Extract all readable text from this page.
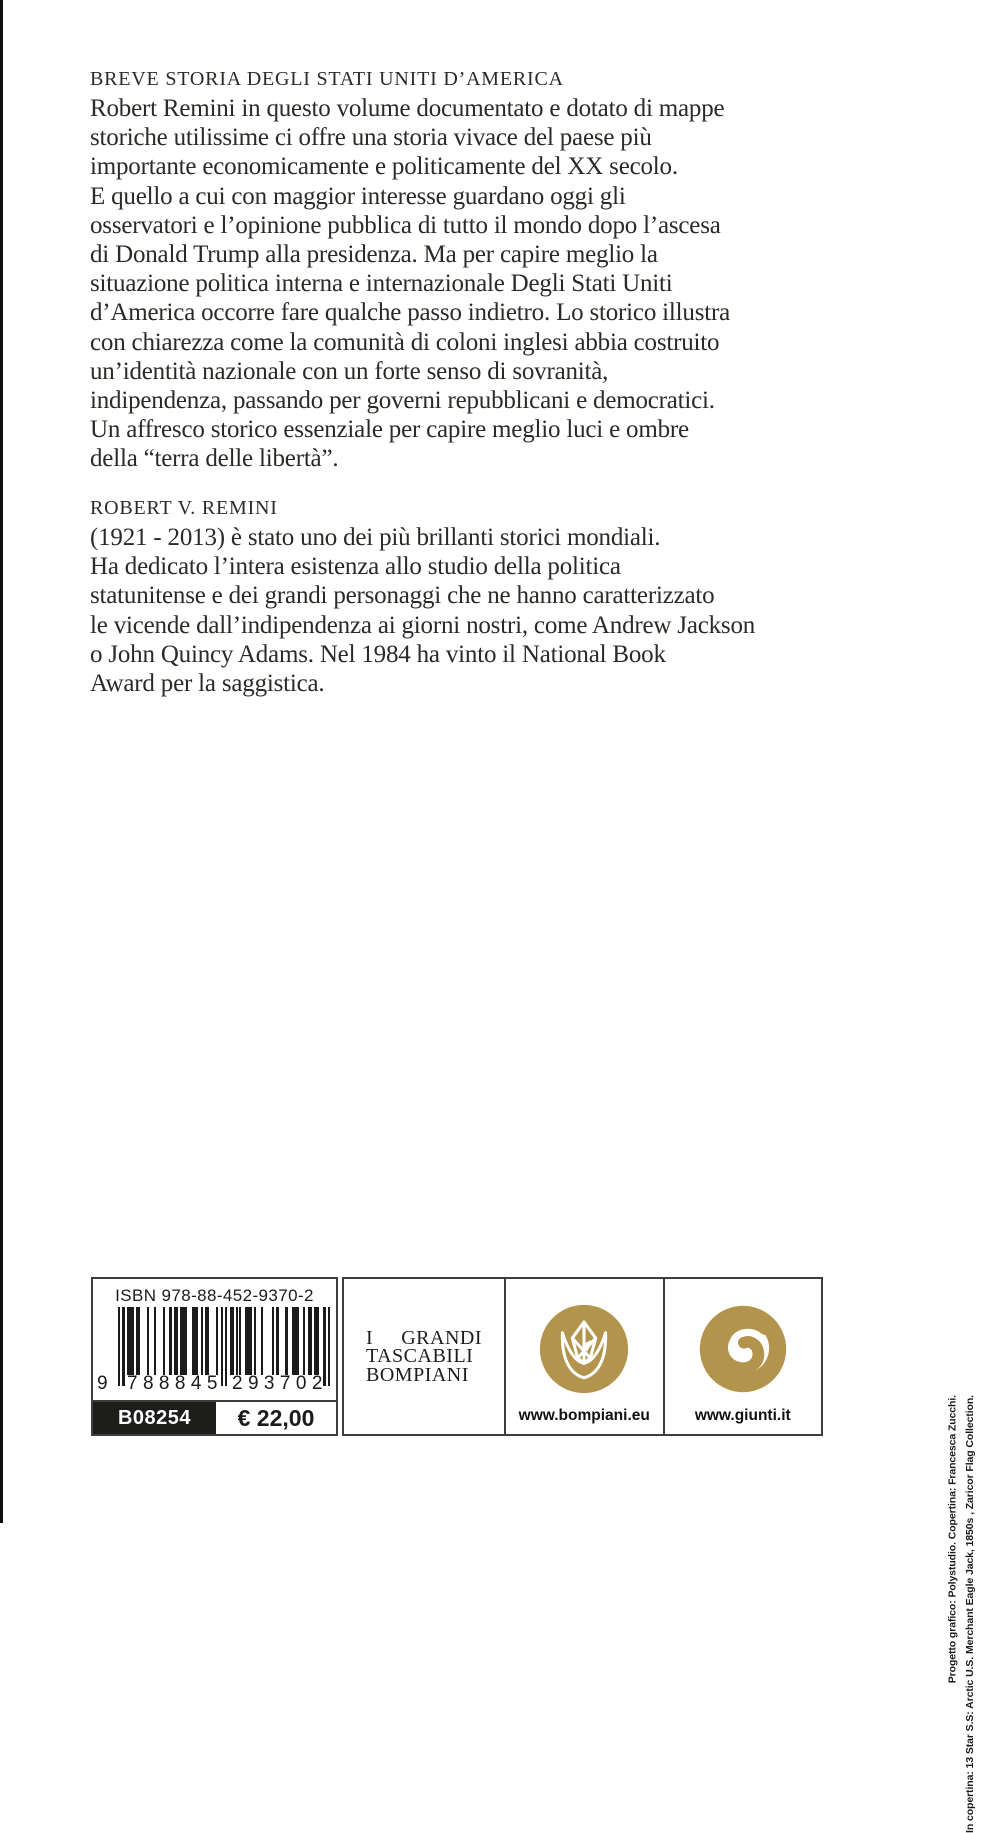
BREVE STORIA DEGLI STATI UNITI D’AMERICA
Robert Remini in questo volume documentato e dotato di mappe
storiche utilissime ci offre una storia vivace del paese più
importante economicamente e politicamente del XX secolo.
E quello a cui con maggior interesse guardano oggi gli
osservatori e l’opinione pubblica di tutto il mondo dopo l’ascesa
di Donald Trump alla presidenza. Ma per capire meglio la
situazione politica interna e internazionale Degli Stati Uniti
d’America occorre fare qualche passo indietro. Lo storico illustra
con chiarezza come la comunità di coloni inglesi abbia costruito
un’identità nazionale con un forte senso di sovranità,
indipendenza, passando per governi repubblicani e democratici.
Un affresco storico essenziale per capire meglio luci e ombre
della “terra delle libertà”.
ROBERT V. REMINI
(1921 - 2013) è stato uno dei più brillanti storici mondiali.
Ha dedicato l’intera esistenza allo studio della politica
statunitense e dei grandi personaggi che ne hanno caratterizzato
le vicende dall’indipendenza ai giorni nostri, come Andrew Jackson
o John Quincy Adams. Nel 1984 ha vinto il National Book
Award per la saggistica.
In copertina: 13 Star S.S: Arctic U.S. Merchant Eagle Jack, 1850s , Zaricor Flag Collection.
Progetto grafico: Polystudio. Copertina: Francesca Zucchi.
ISBN 978-88-452-9370-2
9 788845 293702
B08254	€ 22,00
I GRANDI
TASCABILI
BOMPIANI
www.bompiani.eu	www.giunti.it
